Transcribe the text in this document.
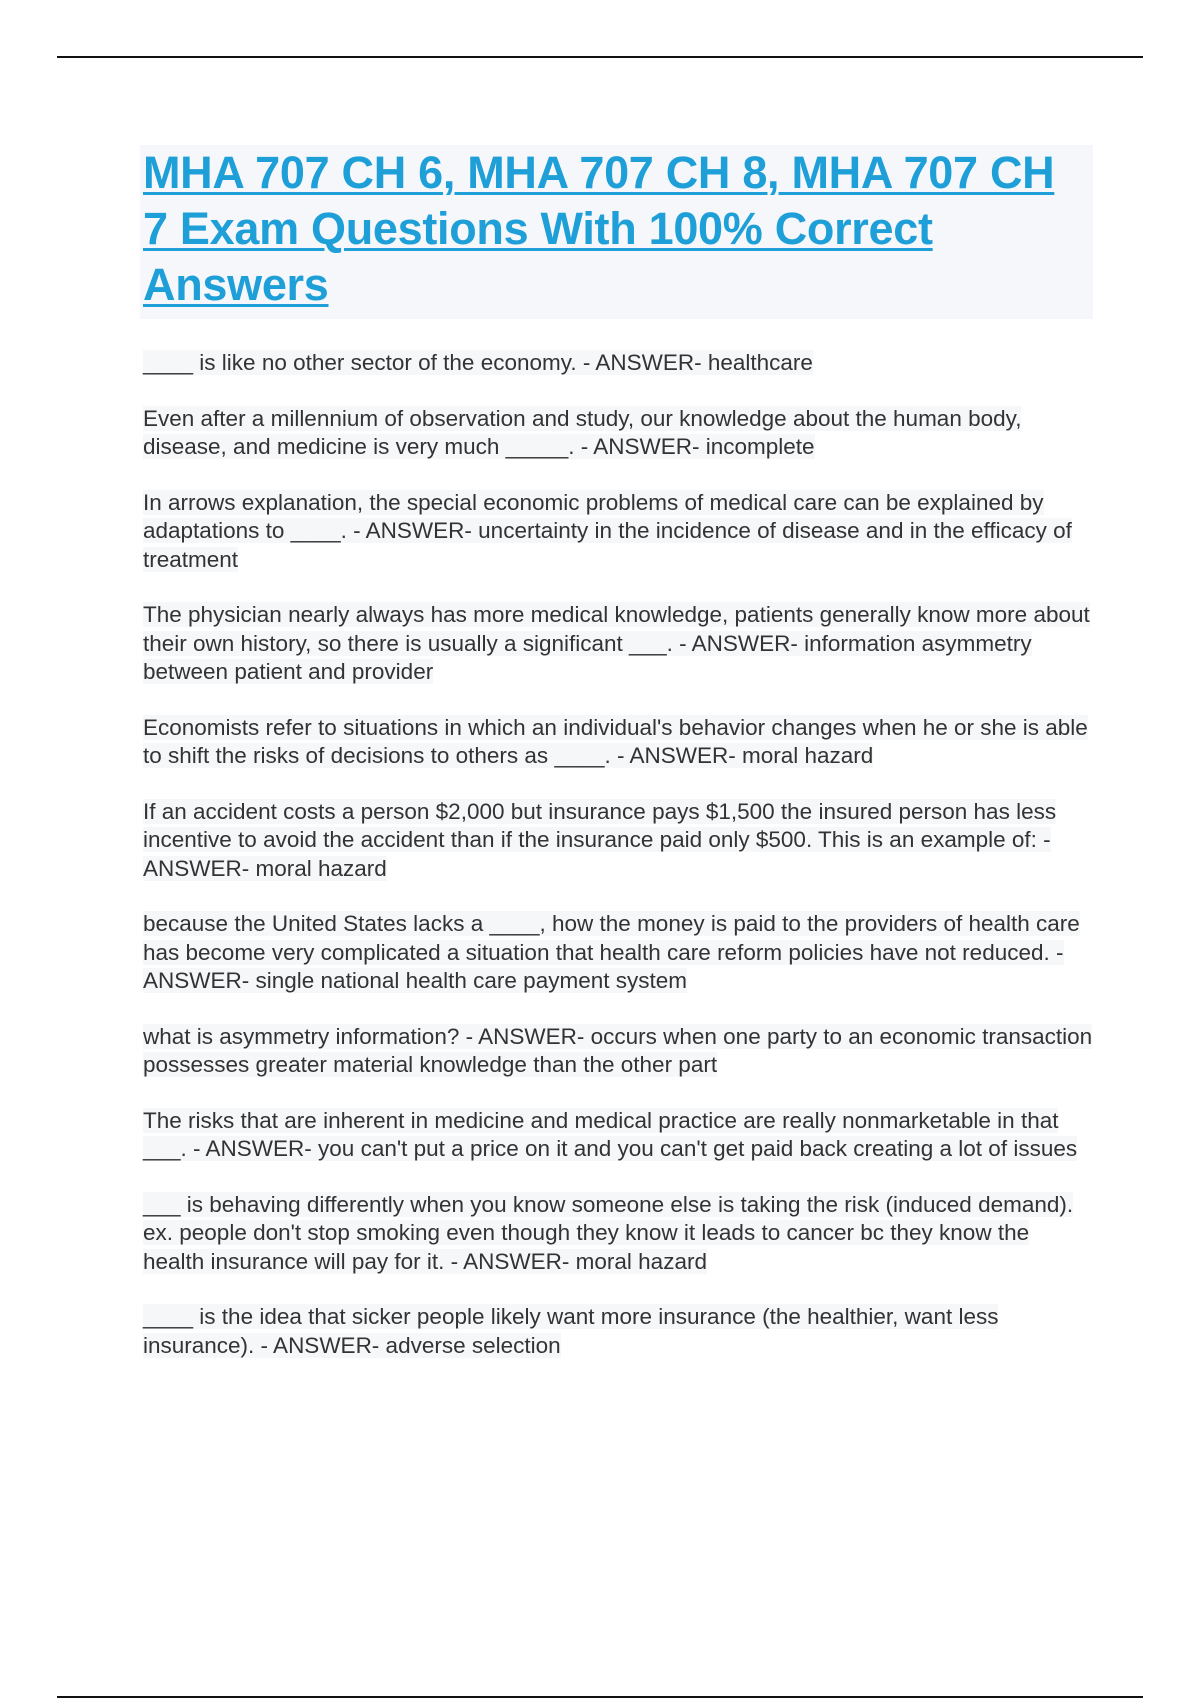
MHA 707 CH 6, MHA 707 CH 8, MHA 707 CH 7 Exam Questions With 100% Correct Answers

____ is like no other sector of the economy. - ANSWER- healthcare

Even after a millennium of observation and study, our knowledge about the human body, disease, and medicine is very much _____. - ANSWER- incomplete

In arrows explanation, the special economic problems of medical care can be explained by adaptations to ____. - ANSWER- uncertainty in the incidence of disease and in the efficacy of treatment

The physician nearly always has more medical knowledge, patients generally know more about their own history, so there is usually a significant ___. - ANSWER- information asymmetry between patient and provider

Economists refer to situations in which an individual's behavior changes when he or she is able to shift the risks of decisions to others as ____. - ANSWER- moral hazard

If an accident costs a person $2,000 but insurance pays $1,500 the insured person has less incentive to avoid the accident than if the insurance paid only $500. This is an example of: - ANSWER- moral hazard

because the United States lacks a ____, how the money is paid to the providers of health care has become very complicated a situation that health care reform policies have not reduced. - ANSWER- single national health care payment system

what is asymmetry information? - ANSWER- occurs when one party to an economic transaction possesses greater material knowledge than the other part

The risks that are inherent in medicine and medical practice are really nonmarketable in that ___. - ANSWER- you can't put a price on it and you can't get paid back creating a lot of issues

___ is behaving differently when you know someone else is taking the risk (induced demand). ex. people don't stop smoking even though they know it leads to cancer bc they know the health insurance will pay for it. - ANSWER- moral hazard

____ is the idea that sicker people likely want more insurance (the healthier, want less insurance). - ANSWER- adverse selection
